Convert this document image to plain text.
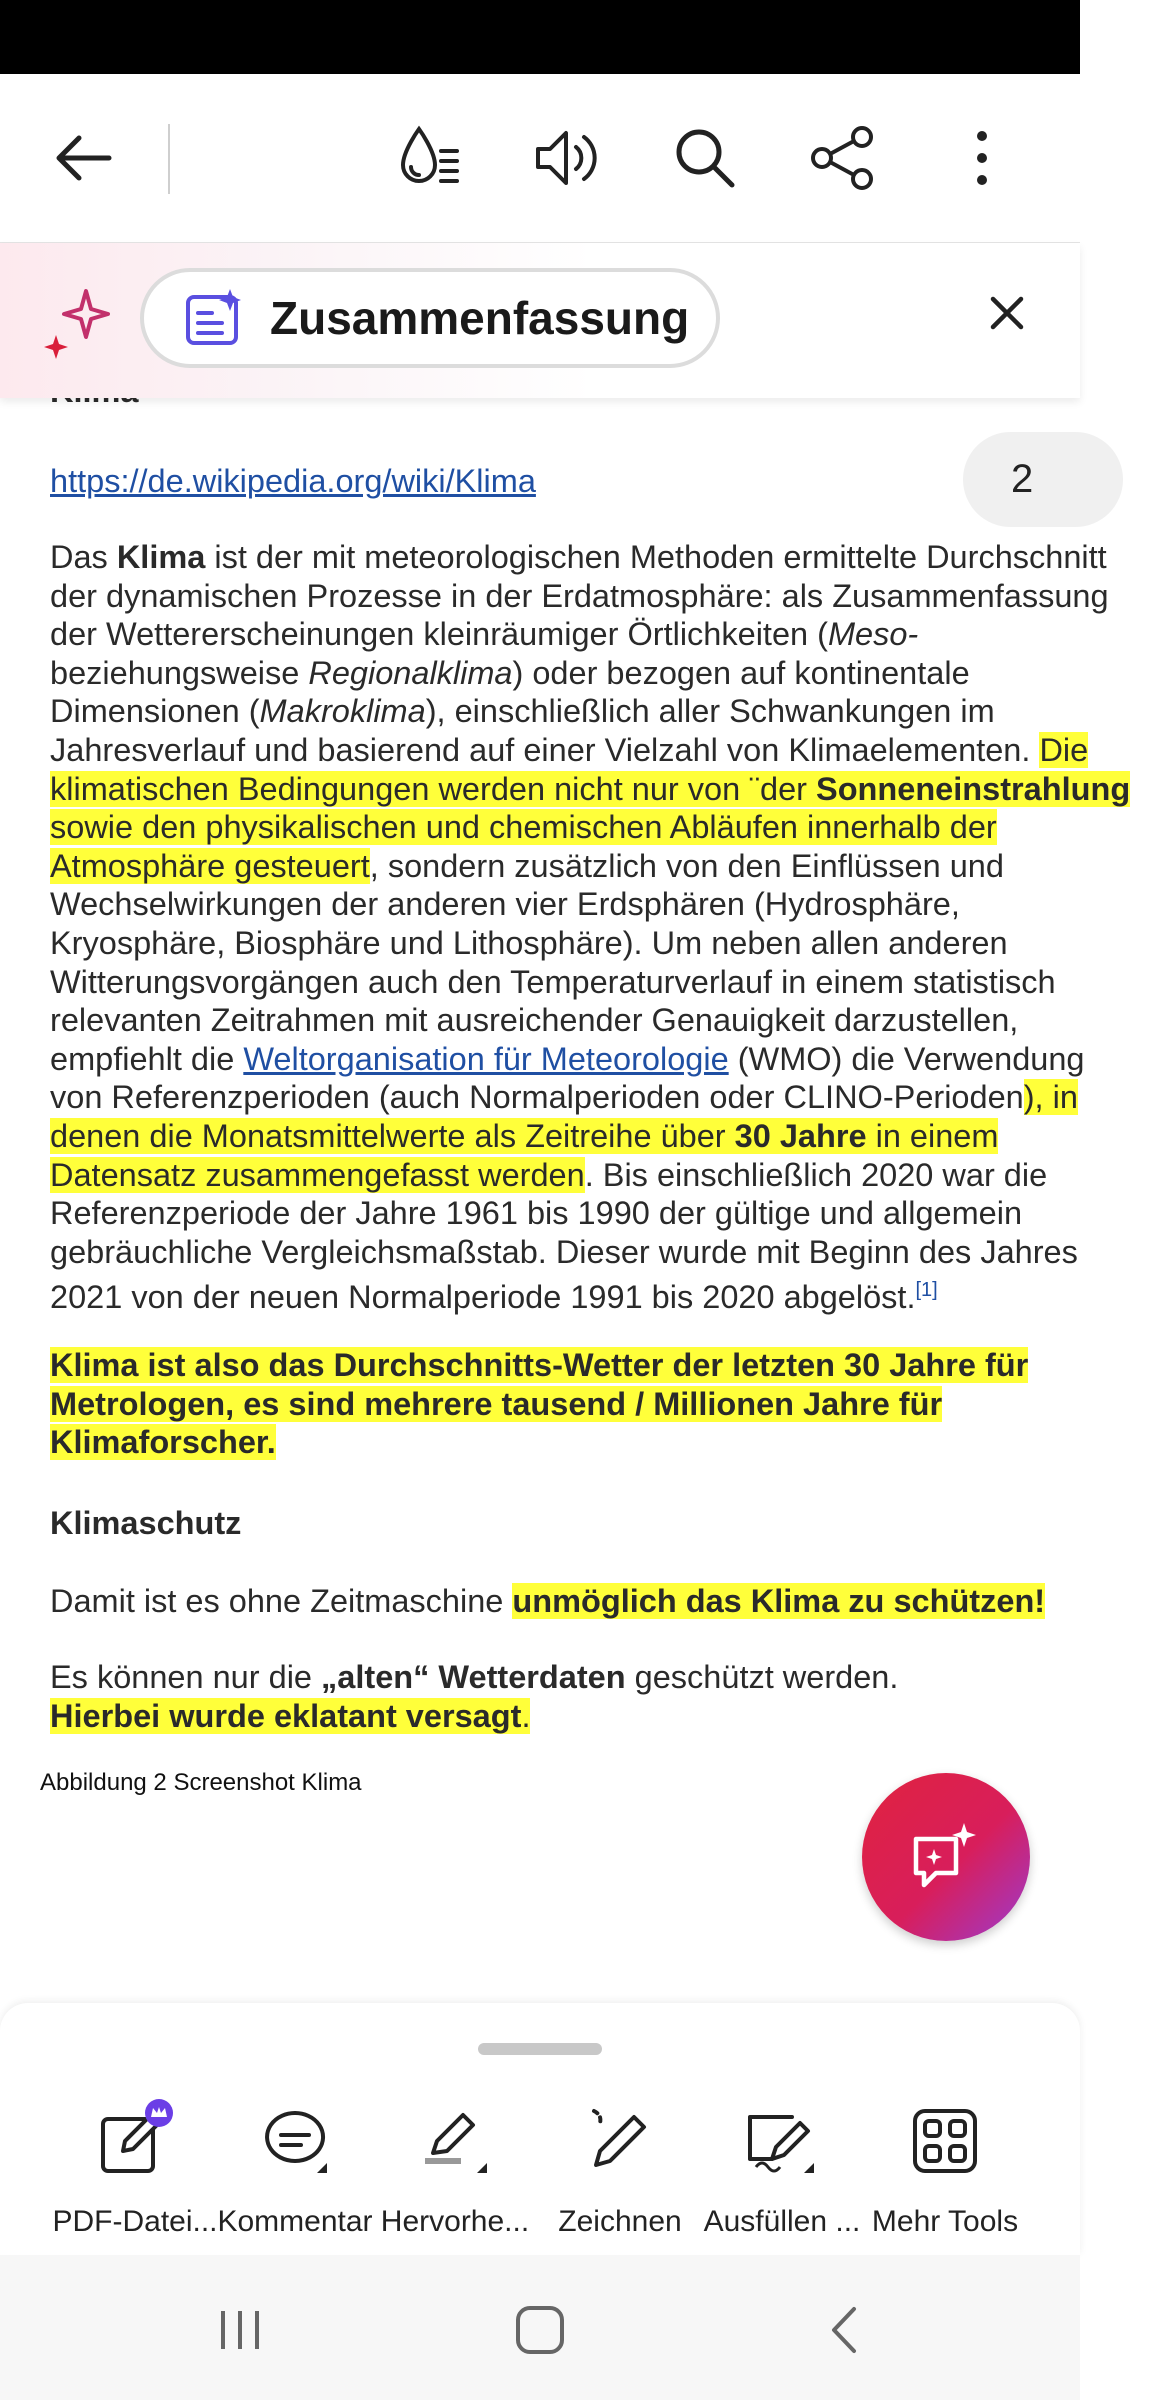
Zusammenfassung
2
https://de.wikipedia.org/wiki/Klima
Das Klima ist der mit meteorologischen Methoden ermittelte Durchschnitt
der dynamischen Prozesse in der Erdatmosphäre: als Zusammenfassung
der Wettererscheinungen kleinräumiger Örtlichkeiten (Meso-
beziehungsweise Regionalklima) oder bezogen auf kontinentale
Dimensionen (Makroklima), einschließlich aller Schwankungen im
Jahresverlauf und basierend auf einer Vielzahl von Klimaelementen. Die
klimatischen Bedingungen werden nicht nur von ¨der Sonneneinstrahlung
sowie den physikalischen und chemischen Abläufen innerhalb der
Atmosphäre gesteuert, sondern zusätzlich von den Einflüssen und
Wechselwirkungen der anderen vier Erdsphären (Hydrosphäre,
Kryosphäre, Biosphäre und Lithosphäre). Um neben allen anderen
Witterungsvorgängen auch den Temperaturverlauf in einem statistisch
relevanten Zeitrahmen mit ausreichender Genauigkeit darzustellen,
empfiehlt die Weltorganisation für Meteorologie (WMO) die Verwendung
von Referenzperioden (auch Normalperioden oder CLINO-Perioden), in
denen die Monatsmittelwerte als Zeitreihe über 30 Jahre in einem
Datensatz zusammengefasst werden. Bis einschließlich 2020 war die
Referenzperiode der Jahre 1961 bis 1990 der gültige und allgemein
gebräuchliche Vergleichsmaßstab. Dieser wurde mit Beginn des Jahres
2021 von der neuen Normalperiode 1991 bis 2020 abgelöst.[1]
Klima ist also das Durchschnitts-Wetter der letzten 30 Jahre für
Metrologen, es sind mehrere tausend / Millionen Jahre für
Klimaforscher.
Klimaschutz
Damit ist es ohne Zeitmaschine unmöglich das Klima zu schützen!
Es können nur die „alten“ Wetterdaten geschützt werden.
Hierbei wurde eklatant versagt.
Abbildung 2 Screenshot Klima
PDF-Datei... Kommentar Hervorhe... Zeichnen Ausfüllen ... Mehr Tools
